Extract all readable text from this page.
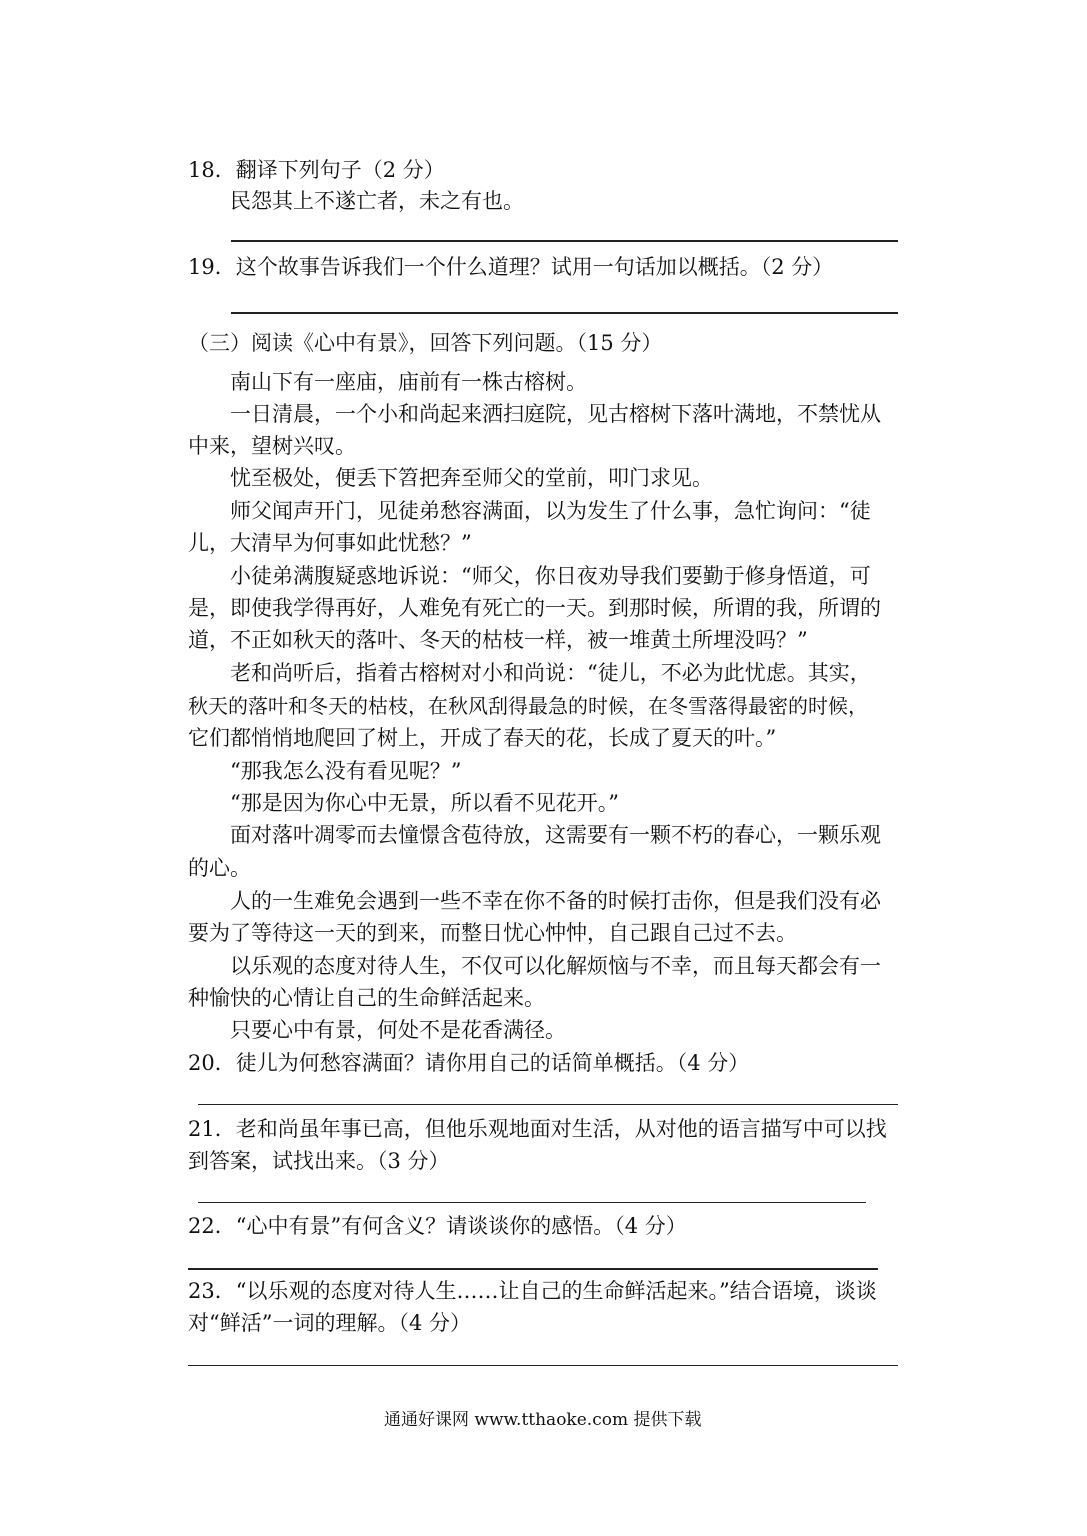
18．翻译下列句子（2 分）
民怨其上不遂亡者，未之有也。
19．这个故事告诉我们一个什么道理？试用一句话加以概括。（2 分）
（三）阅读《心中有景》，回答下列问题。（15 分）
南山下有一座庙，庙前有一株古榕树。
一日清晨，一个小和尚起来洒扫庭院，见古榕树下落叶满地，不禁忧从
中来，望树兴叹。
忧至极处，便丢下笤把奔至师父的堂前，叩门求见。
师父闻声开门，见徒弟愁容满面，以为发生了什么事，急忙询问：“徒
儿，大清早为何事如此忧愁？”
小徒弟满腹疑惑地诉说：“师父，你日夜劝导我们要勤于修身悟道，可
是，即使我学得再好，人难免有死亡的一天。到那时候，所谓的我，所谓的
道，不正如秋天的落叶、冬天的枯枝一样，被一堆黄土所埋没吗？”
老和尚听后，指着古榕树对小和尚说：“徒儿，不必为此忧虑。其实，
秋天的落叶和冬天的枯枝，在秋风刮得最急的时候，在冬雪落得最密的时候，
它们都悄悄地爬回了树上，开成了春天的花，长成了夏天的叶。”
“那我怎么没有看见呢？”
“那是因为你心中无景，所以看不见花开。”
面对落叶凋零而去憧憬含苞待放，这需要有一颗不朽的春心，一颗乐观
的心。
人的一生难免会遇到一些不幸在你不备的时候打击你，但是我们没有必
要为了等待这一天的到来，而整日忧心忡忡，自己跟自己过不去。
以乐观的态度对待人生，不仅可以化解烦恼与不幸，而且每天都会有一
种愉快的心情让自己的生命鲜活起来。
只要心中有景，何处不是花香满径。
20．徒儿为何愁容满面？请你用自己的话简单概括。（4 分）
21．老和尚虽年事已高，但他乐观地面对生活，从对他的语言描写中可以找
到答案，试找出来。（3 分）
22．“心中有景”有何含义？请谈谈你的感悟。（4 分）
23．“以乐观的态度对待人生……让自己的生命鲜活起来。”结合语境，谈谈
对“鲜活”一词的理解。（4 分）
通通好课网 www.tthaoke.com 提供下载
